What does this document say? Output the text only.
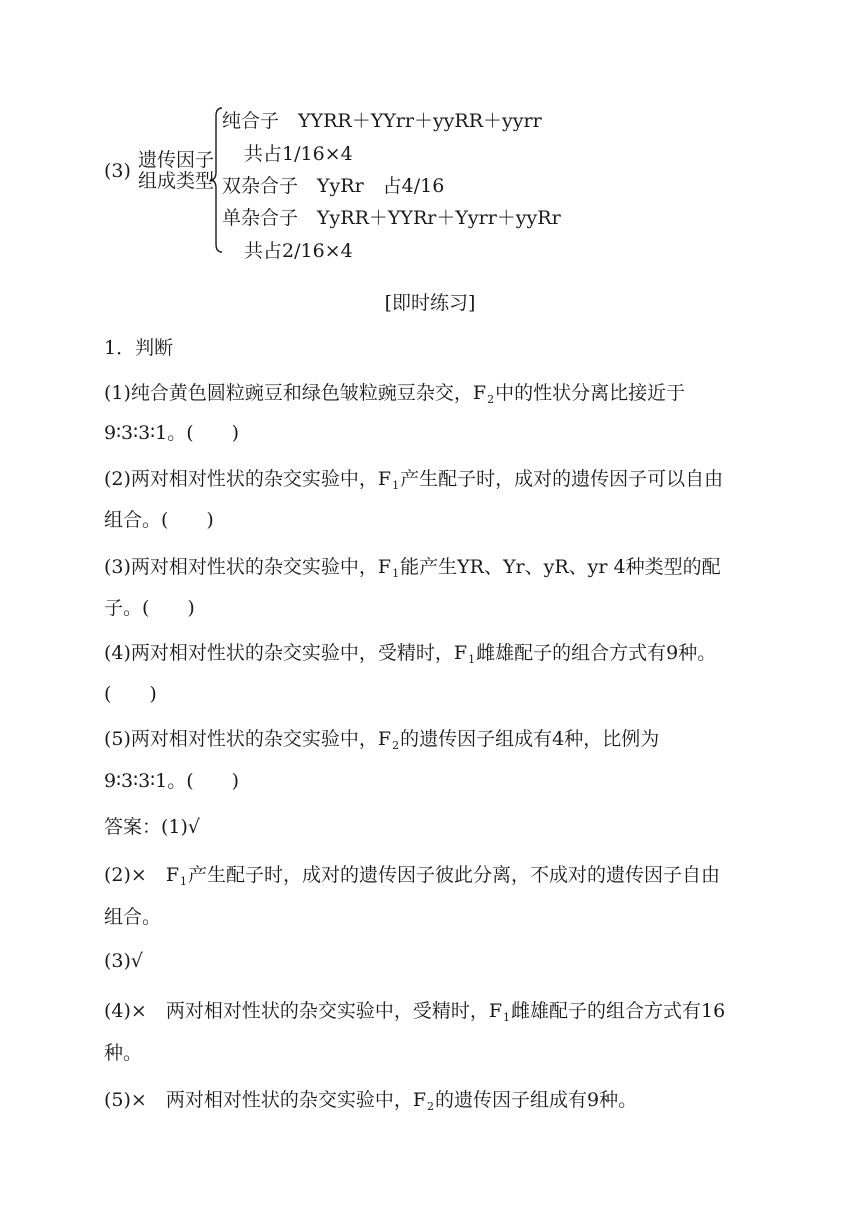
(3) 遗传因子
组成类型
纯合子　YYRR＋YYrr＋yyRR＋yyrr
共占1/16×4
双杂合子　YyRr　占4/16
单杂合子　YyRR＋YYRr＋Yyrr＋yyRr
共占2/16×4
[即时练习]
1．判断
(1)纯合黄色圆粒豌豆和绿色皱粒豌豆杂交，$F_2$中的性状分离比接近于
9∶3∶3∶1。(　　)
(2)两对相对性状的杂交实验中，$F_1$产生配子时，成对的遗传因子可以自由
组合。(　　)
(3)两对相对性状的杂交实验中，$F_1$能产生YR、Yr、yR、yr 4种类型的配
子。(　　)
(4)两对相对性状的杂交实验中，受精时，$F_1$雌雄配子的组合方式有9种。
(　　)
(5)两对相对性状的杂交实验中，$F_2$的遗传因子组成有4种，比例为
9∶3∶3∶1。(　　)
答案：(1)√
(2)×　$F_1$产生配子时，成对的遗传因子彼此分离，不成对的遗传因子自由
组合。
(3)√
(4)×　两对相对性状的杂交实验中，受精时，$F_1$雌雄配子的组合方式有16
种。
(5)×　两对相对性状的杂交实验中，$F_2$的遗传因子组成有9种。
